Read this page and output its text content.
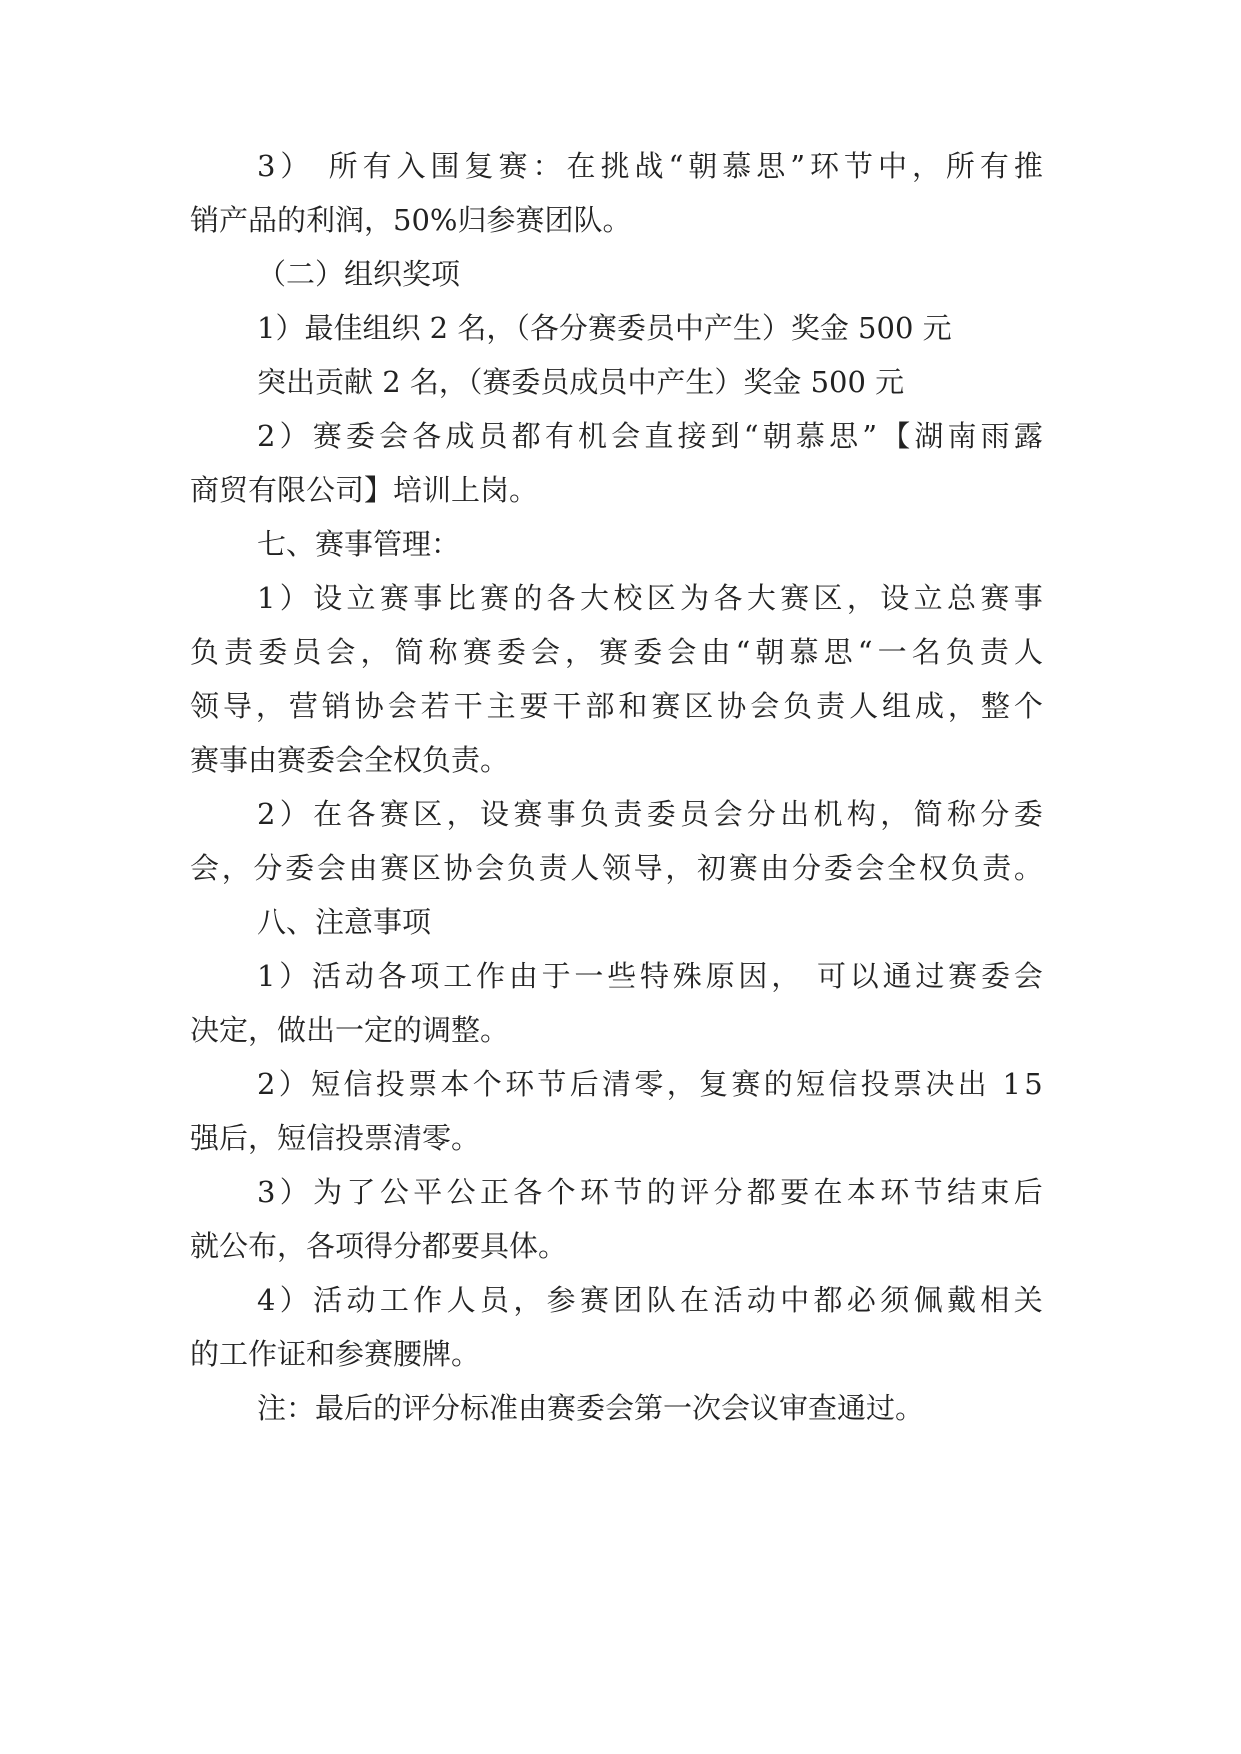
3 ）
所 有 入 围 复 赛 ： 在 挑 战 “ 朝 慕 思 ” 环 节 中 ， 所 有 推
销产品的利润，50%归参赛团队。
（二）组织奖项
1）最佳组织 2 名，（各分赛委员中产生）奖金 500 元
突出贡献 2 名，（赛委员成员中产生）奖金 500 元
2 ） 赛 委 会 各 成 员 都 有 机 会 直 接 到 “ 朝 慕 思 ” 【 湖 南 雨 露
商贸有限公司】培训上岗。
七、赛事管理：
1 ） 设 立 赛 事 比 赛 的 各 大 校 区 为 各 大 赛 区 ， 设 立 总 赛 事
负 责 委 员 会 ， 简 称 赛 委 会 ， 赛 委 会 由 “ 朝 慕 思 “ 一 名 负 责 人
领 导 ， 营 销 协 会 若 干 主 要 干 部 和 赛 区 协 会 负 责 人 组 成 ， 整 个
赛事由赛委会全权负责。
2 ） 在 各 赛 区 ， 设 赛 事 负 责 委 员 会 分 出 机 构 ， 简 称 分 委
会 ， 分 委 会 由 赛 区 协 会 负 责 人 领 导 ， 初 赛 由 分 委 会 全 权 负 责 。
八、注意事项
1 ） 活 动 各 项 工 作 由 于 一 些 特 殊 原 因 ，
可 以 通 过 赛 委 会
决定，做出一定的调整。
2 ） 短 信 投 票 本 个 环 节 后 清 零 ， 复 赛 的 短 信 投 票 决 出
1 5
强后，短信投票清零。
3 ） 为 了 公 平 公 正 各 个 环 节 的 评 分 都 要 在 本 环 节 结 束 后
就公布，各项得分都要具体。
4 ） 活 动 工 作 人 员 ， 参 赛 团 队 在 活 动 中 都 必 须 佩 戴 相 关
的工作证和参赛腰牌。
注：最后的评分标准由赛委会第一次会议审查通过。
